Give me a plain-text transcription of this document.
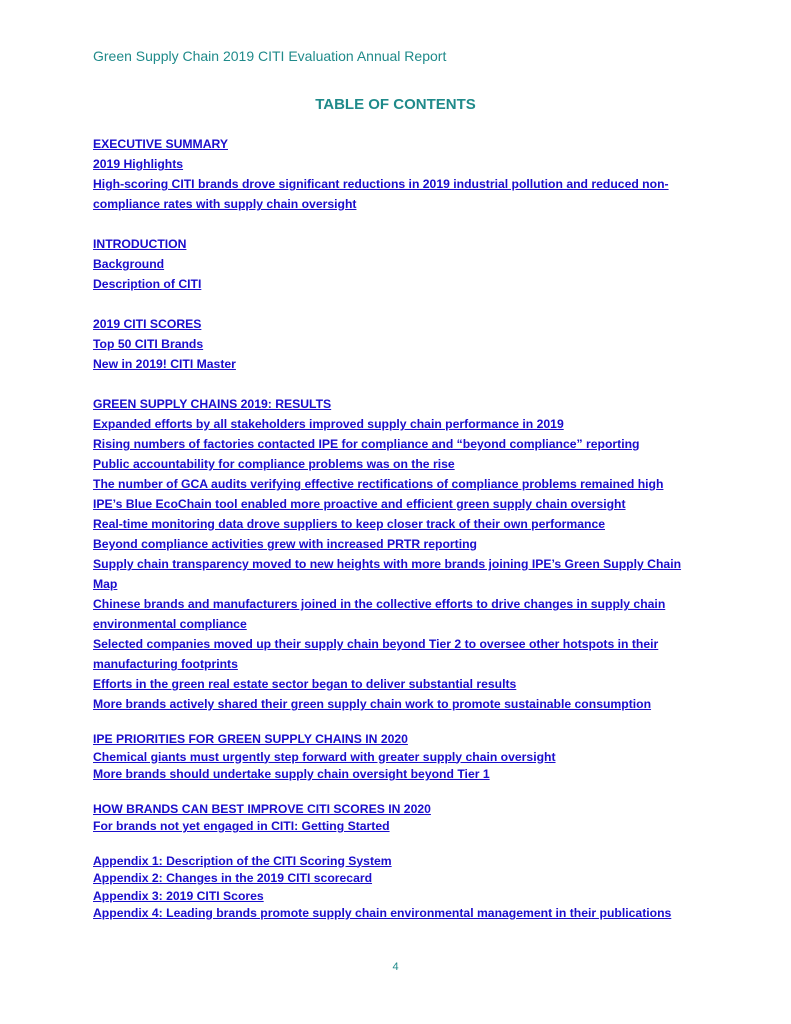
Green Supply Chain 2019 CITI Evaluation Annual Report
TABLE OF CONTENTS
EXECUTIVE SUMMARY
2019 Highlights
High-scoring CITI brands drove significant reductions in 2019 industrial pollution and reduced non-compliance rates with supply chain oversight
INTRODUCTION
Background
Description of CITI
2019 CITI SCORES
Top 50 CITI Brands
New in 2019! CITI Master
GREEN SUPPLY CHAINS 2019: RESULTS
Expanded efforts by all stakeholders improved supply chain performance in 2019
Rising numbers of factories contacted IPE for compliance and “beyond compliance” reporting
Public accountability for compliance problems was on the rise
The number of GCA audits verifying effective rectifications of compliance problems remained high
IPE’s Blue EcoChain tool enabled more proactive and efficient green supply chain oversight
Real-time monitoring data drove suppliers to keep closer track of their own performance
Beyond compliance activities grew with increased PRTR reporting
Supply chain transparency moved to new heights with more brands joining IPE’s Green Supply Chain Map
Chinese brands and manufacturers joined in the collective efforts to drive changes in supply chain environmental compliance
Selected companies moved up their supply chain beyond Tier 2 to oversee other hotspots in their manufacturing footprints
Efforts in the green real estate sector began to deliver substantial results
More brands actively shared their green supply chain work to promote sustainable consumption
IPE PRIORITIES FOR GREEN SUPPLY CHAINS IN 2020
Chemical giants must urgently step forward with greater supply chain oversight
More brands should undertake supply chain oversight beyond Tier 1
HOW BRANDS CAN BEST IMPROVE CITI SCORES IN 2020
For brands not yet engaged in CITI: Getting Started
Appendix 1: Description of the CITI Scoring System
Appendix 2: Changes in the 2019 CITI scorecard
Appendix 3: 2019 CITI Scores
Appendix 4: Leading brands promote supply chain environmental management in their publications
4
